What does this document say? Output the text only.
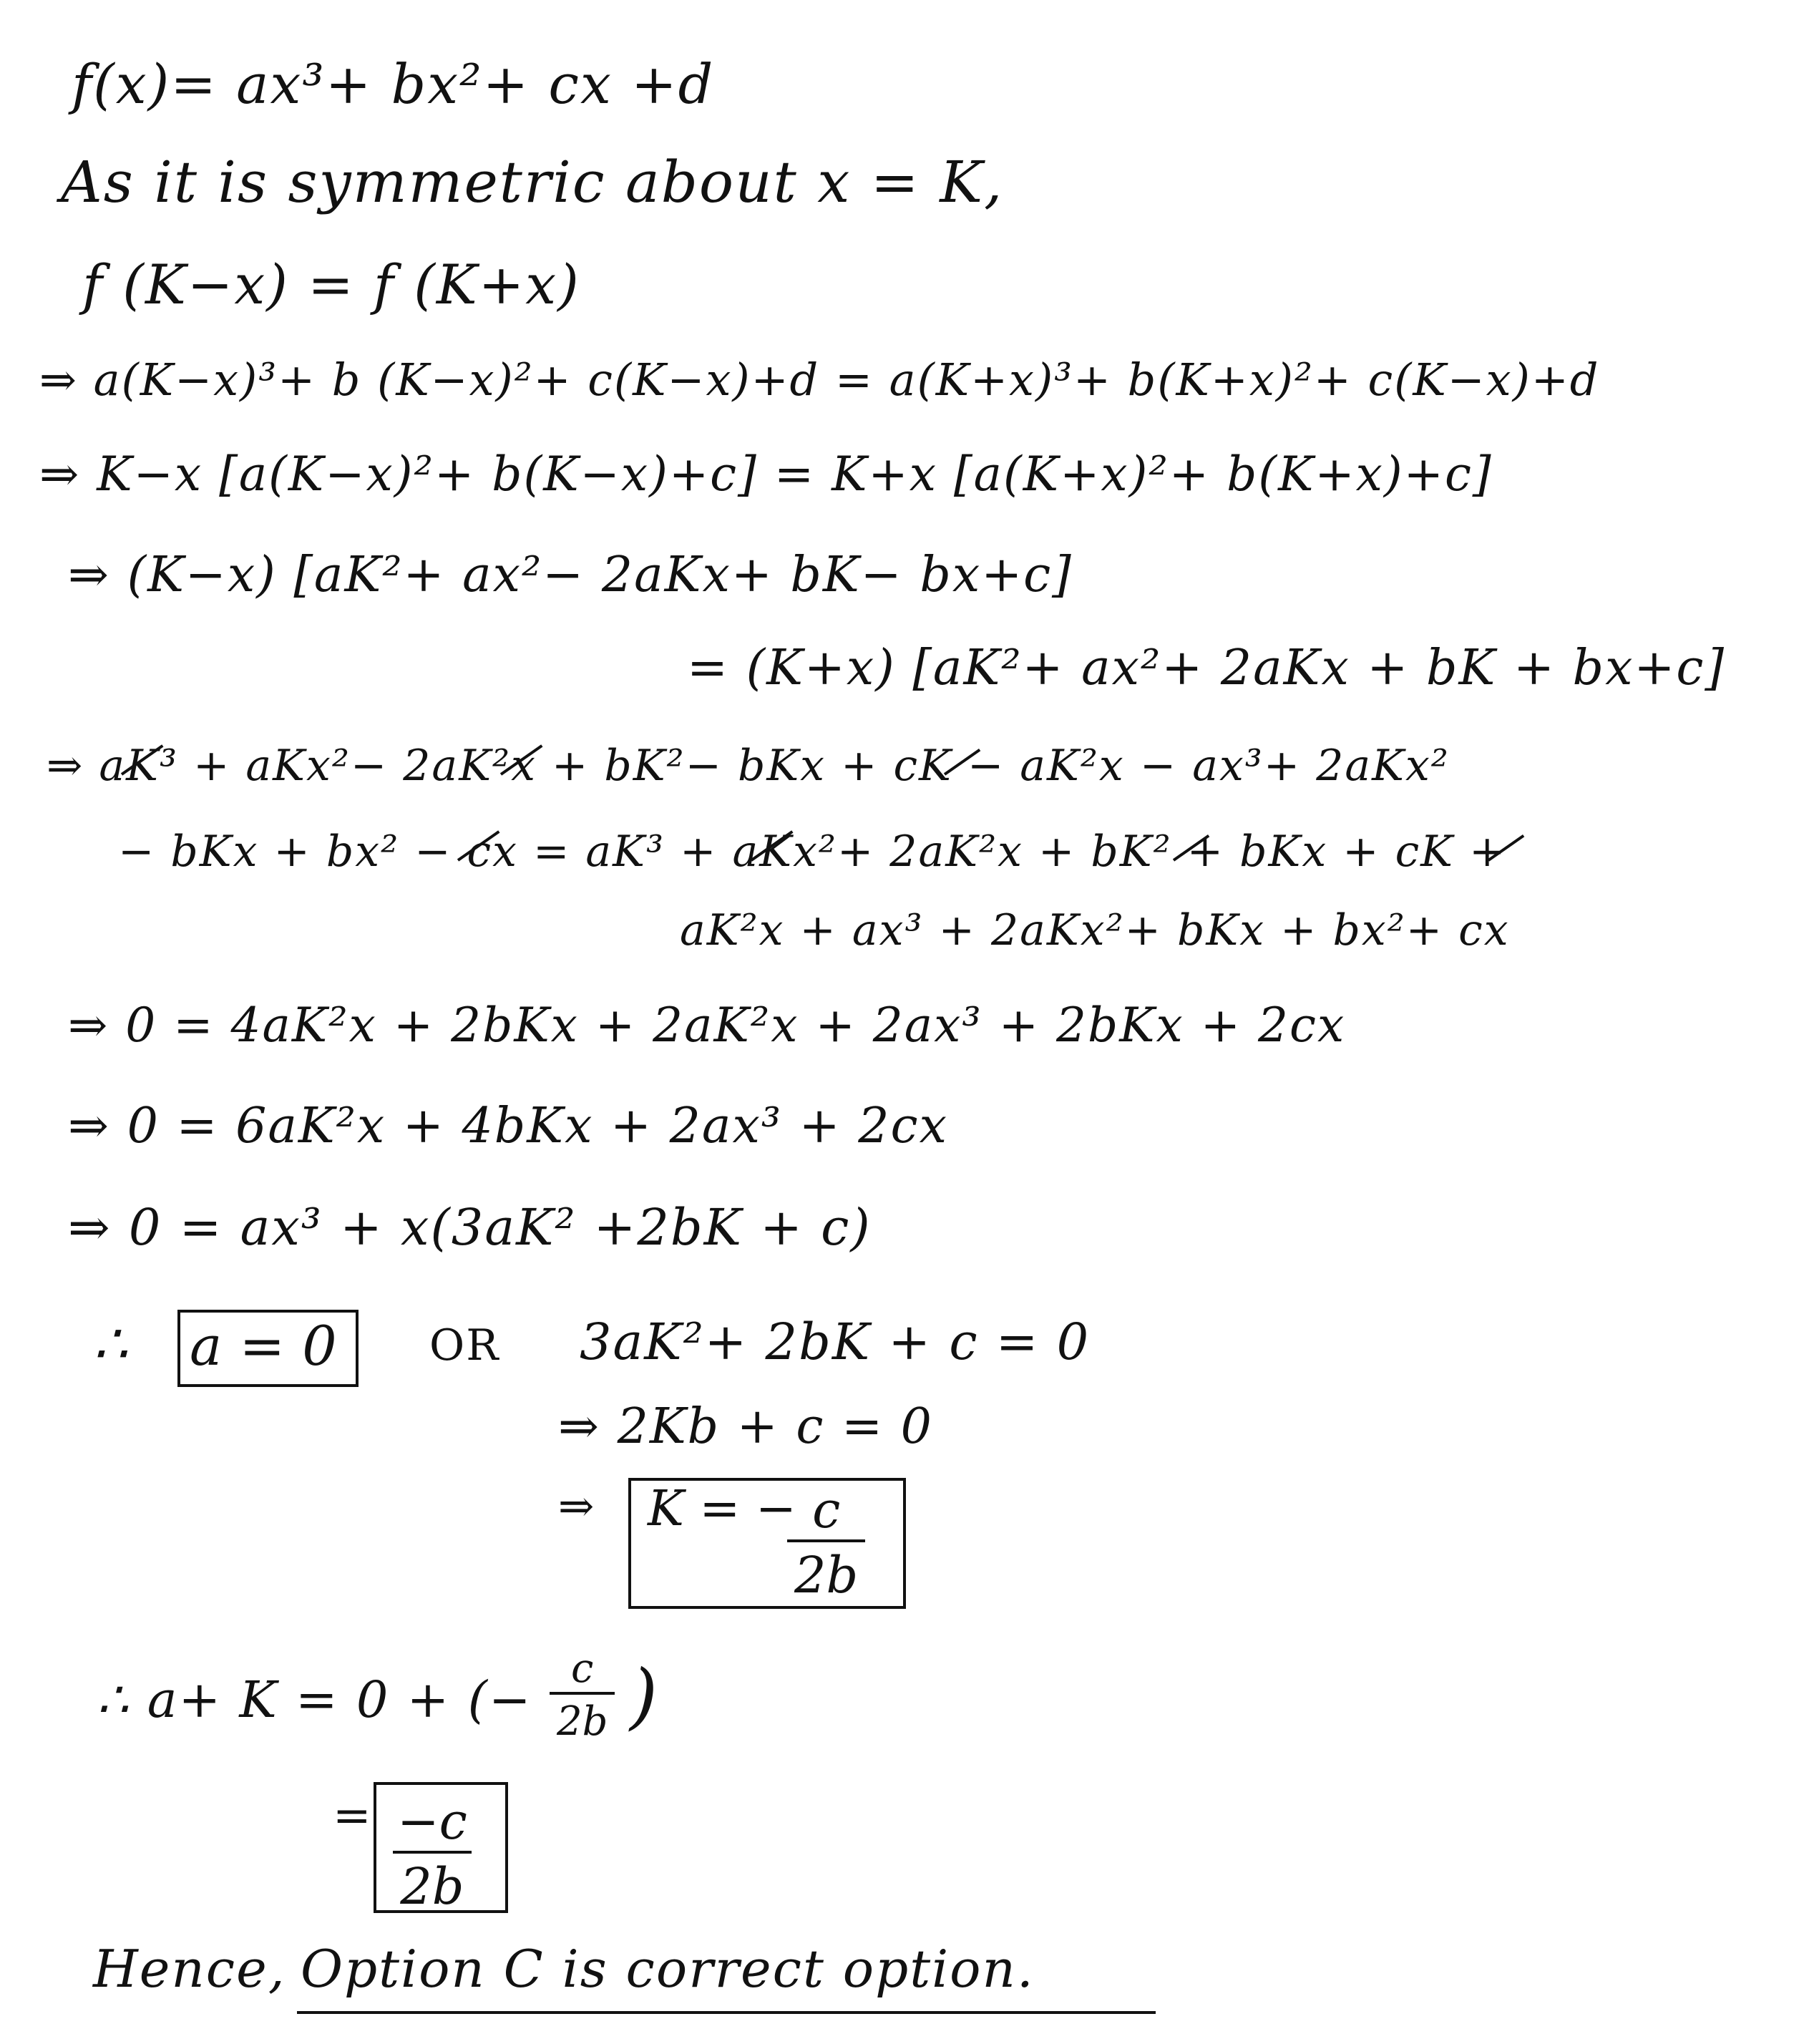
f(x)= ax³+ bx²+ cx +d
As it is symmetric about x = K,
f (K−x) = f (K+x)
⇒ a(K−x)³+ b (K−x)²+ c(K−x)+d = a(K+x)³+ b(K+x)²+ c(K−x)+d
⇒ K−x [a(K−x)²+ b(K−x)+c] = K+x [a(K+x)²+ b(K+x)+c]
⇒ (K−x) [aK²+ ax²− 2aKx+ bK− bx+c]
= (K+x) [aK²+ ax²+ 2aKx + bK + bx+c]
⇒ aK³ + aKx²− 2aK²x + bK²− bKx + cK − aK²x − ax³+ 2aKx²
− bKx + bx² − cx = aK³ + aKx²+ 2aK²x + bK² + bKx + cK +
aK²x + ax³ + 2aKx²+ bKx + bx²+ cx
⇒ 0 = 4aK²x + 2bKx + 2aK²x + 2ax³ + 2bKx + 2cx
⇒ 0 = 6aK²x + 4bKx + 2ax³ + 2cx
⇒ 0 = ax³ + x(3aK² +2bK + c)
∴ a = 0 OR 3aK²+ 2bK + c = 0
⇒ 2Kb + c = 0
⇒ K = −
$\frac{c}{2b}$
∴ a+ K = 0 + (− $\frac{c}{2b}$ )
= $\frac{-c}{2b}$
Hence, Option C is correct option.
